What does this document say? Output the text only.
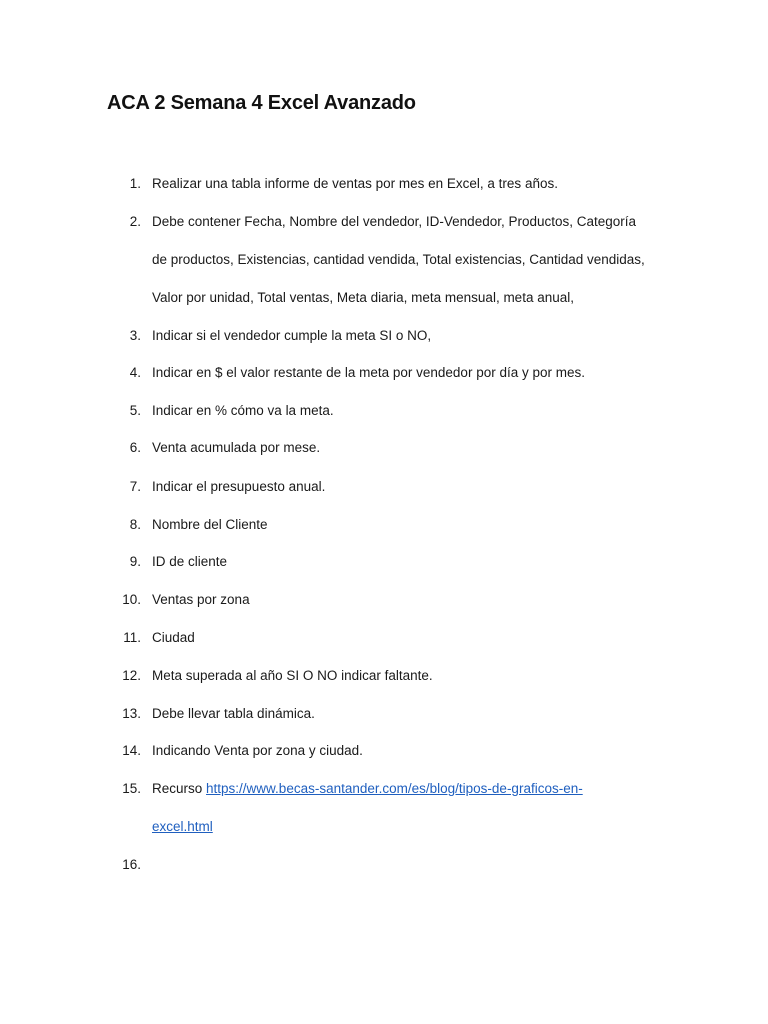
ACA 2 Semana 4 Excel Avanzado
1. Realizar una tabla informe de ventas por mes en Excel, a tres años.
2. Debe contener Fecha, Nombre del vendedor, ID-Vendedor, Productos, Categoría
de productos, Existencias, cantidad vendida, Total existencias, Cantidad vendidas,
Valor por unidad, Total ventas, Meta diaria, meta mensual, meta anual,
3. Indicar si el vendedor cumple la meta SI o NO,
4. Indicar en $ el valor restante de la meta por vendedor por día y por mes.
5. Indicar en % cómo va la meta.
6. Venta acumulada por mese.
7. Indicar el presupuesto anual.
8. Nombre del Cliente
9. ID de cliente
10. Ventas por zona
11. Ciudad
12. Meta superada al año SI O NO indicar faltante.
13. Debe llevar tabla dinámica.
14. Indicando Venta por zona y ciudad.
15. Recurso https://www.becas-santander.com/es/blog/tipos-de-graficos-en-
excel.html
16.
